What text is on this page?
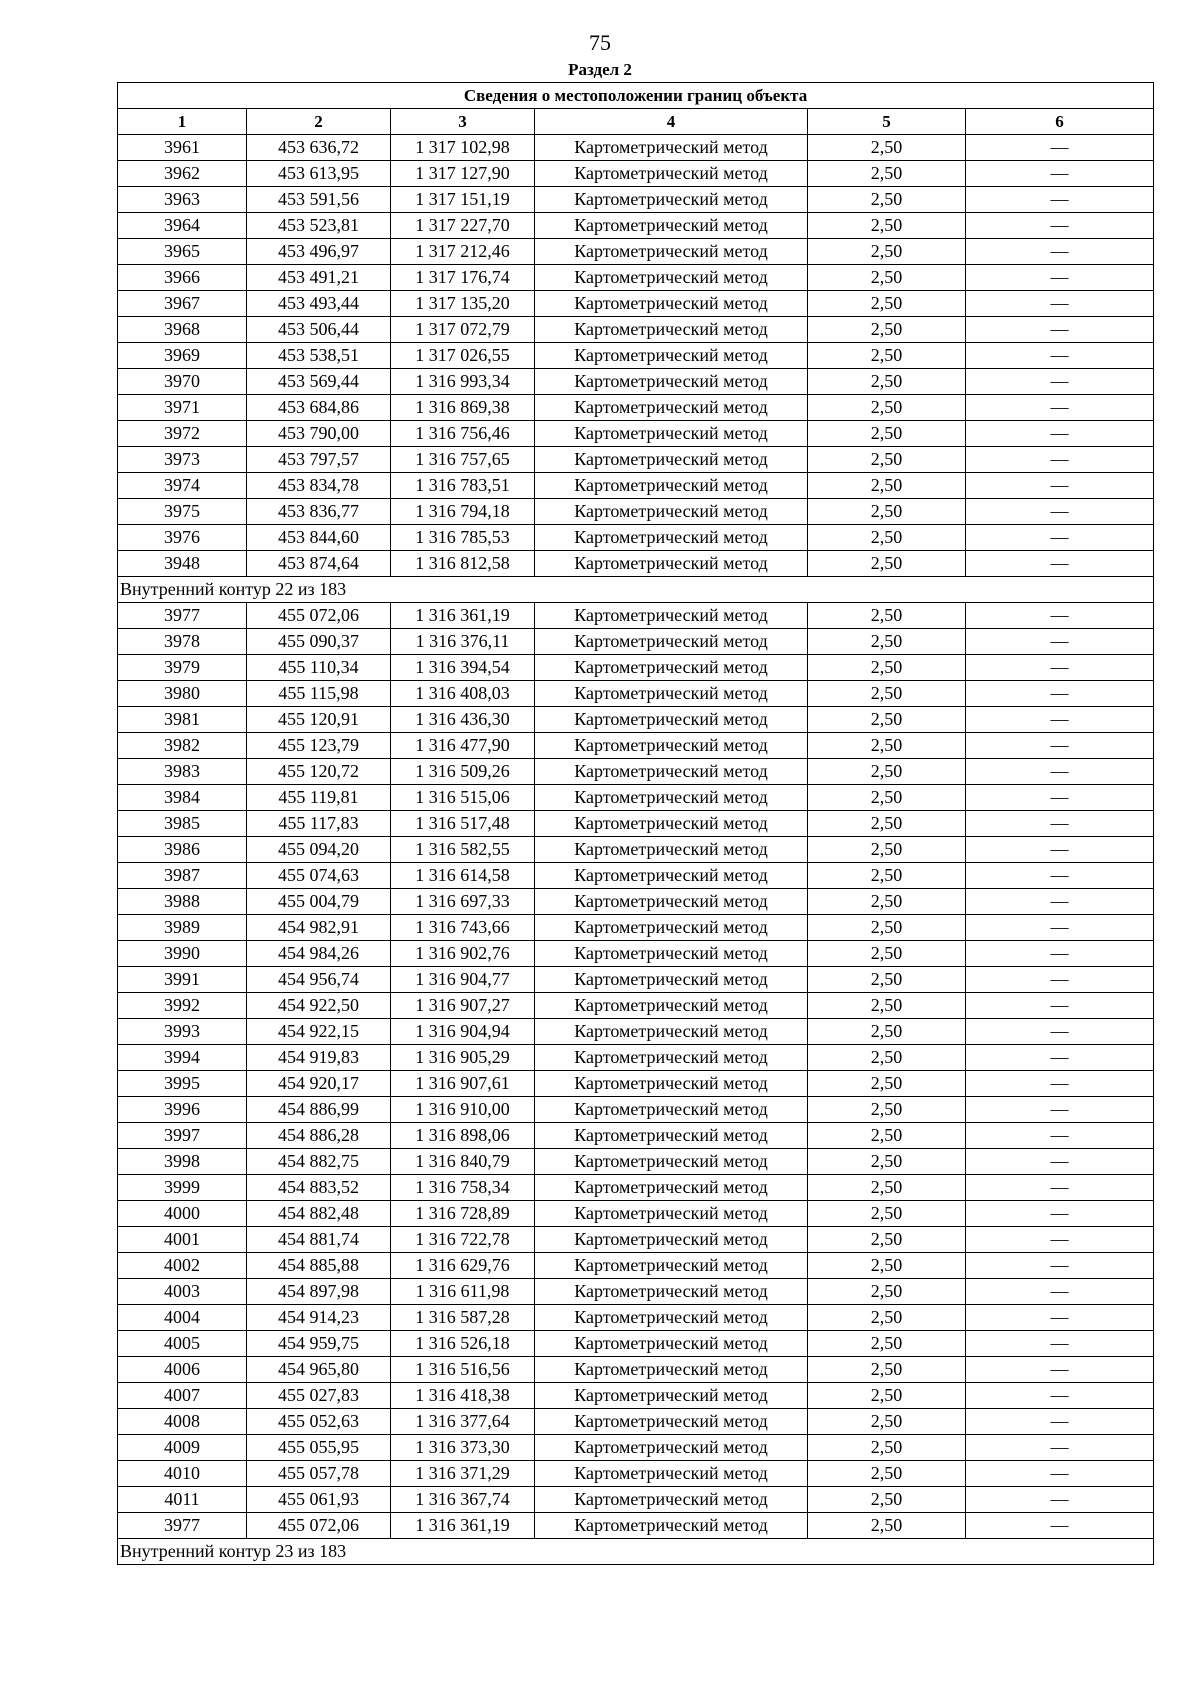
75
Раздел 2
Сведения о местоположении границ объекта					
1	2	3	4	5	6
3961	453 636,72	1 317 102,98	Картометрический метод	2,50	—
3962	453 613,95	1 317 127,90	Картометрический метод	2,50	—
3963	453 591,56	1 317 151,19	Картометрический метод	2,50	—
3964	453 523,81	1 317 227,70	Картометрический метод	2,50	—
3965	453 496,97	1 317 212,46	Картометрический метод	2,50	—
3966	453 491,21	1 317 176,74	Картометрический метод	2,50	—
3967	453 493,44	1 317 135,20	Картометрический метод	2,50	—
3968	453 506,44	1 317 072,79	Картометрический метод	2,50	—
3969	453 538,51	1 317 026,55	Картометрический метод	2,50	—
3970	453 569,44	1 316 993,34	Картометрический метод	2,50	—
3971	453 684,86	1 316 869,38	Картометрический метод	2,50	—
3972	453 790,00	1 316 756,46	Картометрический метод	2,50	—
3973	453 797,57	1 316 757,65	Картометрический метод	2,50	—
3974	453 834,78	1 316 783,51	Картометрический метод	2,50	—
3975	453 836,77	1 316 794,18	Картометрический метод	2,50	—
3976	453 844,60	1 316 785,53	Картометрический метод	2,50	—
3948	453 874,64	1 316 812,58	Картометрический метод	2,50	—
Внутренний контур 22 из 183					
3977	455 072,06	1 316 361,19	Картометрический метод	2,50	—
3978	455 090,37	1 316 376,11	Картометрический метод	2,50	—
3979	455 110,34	1 316 394,54	Картометрический метод	2,50	—
3980	455 115,98	1 316 408,03	Картометрический метод	2,50	—
3981	455 120,91	1 316 436,30	Картометрический метод	2,50	—
3982	455 123,79	1 316 477,90	Картометрический метод	2,50	—
3983	455 120,72	1 316 509,26	Картометрический метод	2,50	—
3984	455 119,81	1 316 515,06	Картометрический метод	2,50	—
3985	455 117,83	1 316 517,48	Картометрический метод	2,50	—
3986	455 094,20	1 316 582,55	Картометрический метод	2,50	—
3987	455 074,63	1 316 614,58	Картометрический метод	2,50	—
3988	455 004,79	1 316 697,33	Картометрический метод	2,50	—
3989	454 982,91	1 316 743,66	Картометрический метод	2,50	—
3990	454 984,26	1 316 902,76	Картометрический метод	2,50	—
3991	454 956,74	1 316 904,77	Картометрический метод	2,50	—
3992	454 922,50	1 316 907,27	Картометрический метод	2,50	—
3993	454 922,15	1 316 904,94	Картометрический метод	2,50	—
3994	454 919,83	1 316 905,29	Картометрический метод	2,50	—
3995	454 920,17	1 316 907,61	Картометрический метод	2,50	—
3996	454 886,99	1 316 910,00	Картометрический метод	2,50	—
3997	454 886,28	1 316 898,06	Картометрический метод	2,50	—
3998	454 882,75	1 316 840,79	Картометрический метод	2,50	—
3999	454 883,52	1 316 758,34	Картометрический метод	2,50	—
4000	454 882,48	1 316 728,89	Картометрический метод	2,50	—
4001	454 881,74	1 316 722,78	Картометрический метод	2,50	—
4002	454 885,88	1 316 629,76	Картометрический метод	2,50	—
4003	454 897,98	1 316 611,98	Картометрический метод	2,50	—
4004	454 914,23	1 316 587,28	Картометрический метод	2,50	—
4005	454 959,75	1 316 526,18	Картометрический метод	2,50	—
4006	454 965,80	1 316 516,56	Картометрический метод	2,50	—
4007	455 027,83	1 316 418,38	Картометрический метод	2,50	—
4008	455 052,63	1 316 377,64	Картометрический метод	2,50	—
4009	455 055,95	1 316 373,30	Картометрический метод	2,50	—
4010	455 057,78	1 316 371,29	Картометрический метод	2,50	—
4011	455 061,93	1 316 367,74	Картометрический метод	2,50	—
3977	455 072,06	1 316 361,19	Картометрический метод	2,50	—
Внутренний контур 23 из 183					
